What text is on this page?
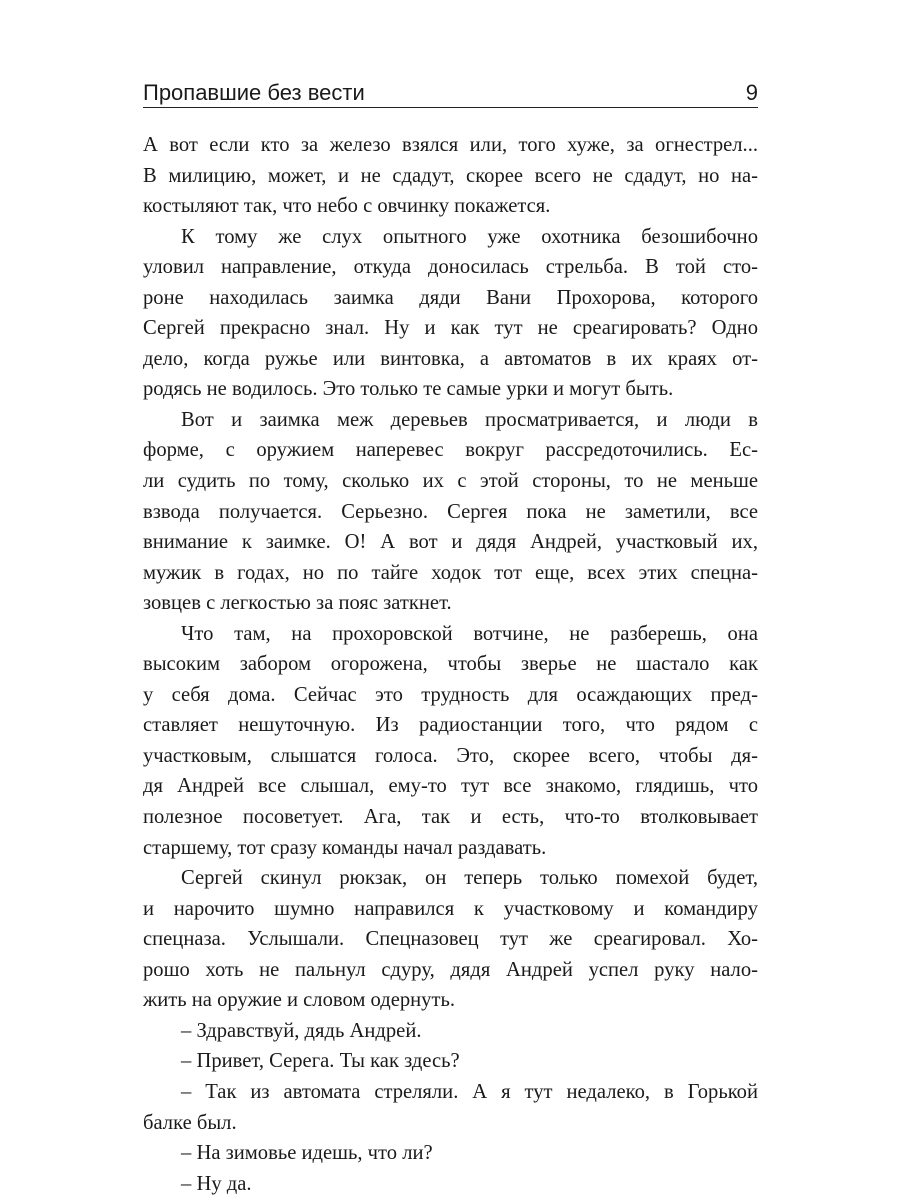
Пропавшие без вести	9
А вот если кто за железо взялся или, того хуже, за огнестрел...
В милицию, может, и не сдадут, скорее всего не сдадут, но на-
костыляют так, что небо с овчинку покажется.
К тому же слух опытного уже охотника безошибочно
уловил направление, откуда доносилась стрельба. В той сто-
роне находилась заимка дяди Вани Прохорова, которого
Сергей прекрасно знал. Ну и как тут не среагировать? Одно
дело, когда ружье или винтовка, а автоматов в их краях от-
родясь не водилось. Это только те самые урки и могут быть.
Вот и заимка меж деревьев просматривается, и люди в
форме, с оружием наперевес вокруг рассредоточились. Ес-
ли судить по тому, сколько их с этой стороны, то не меньше
взвода получается. Серьезно. Сергея пока не заметили, все
внимание к заимке. О! А вот и дядя Андрей, участковый их,
мужик в годах, но по тайге ходок тот еще, всех этих спецна-
зовцев с легкостью за пояс заткнет.
Что там, на прохоровской вотчине, не разберешь, она
высоким забором огорожена, чтобы зверье не шастало как
у себя дома. Сейчас это трудность для осаждающих пред-
ставляет нешуточную. Из радиостанции того, что рядом с
участковым, слышатся голоса. Это, скорее всего, чтобы дя-
дя Андрей все слышал, ему-то тут все знакомо, глядишь, что
полезное посоветует. Ага, так и есть, что-то втолковывает
старшему, тот сразу команды начал раздавать.
Сергей скинул рюкзак, он теперь только помехой будет,
и нарочито шумно направился к участковому и командиру
спецназа. Услышали. Спецназовец тут же среагировал. Хо-
рошо хоть не пальнул сдуру, дядя Андрей успел руку нало-
жить на оружие и словом одернуть.
– Здравствуй, дядь Андрей.
– Привет, Серега. Ты как здесь?
– Так из автомата стреляли. А я тут недалеко, в Горькой
балке был.
– На зимовье идешь, что ли?
– Ну да.
